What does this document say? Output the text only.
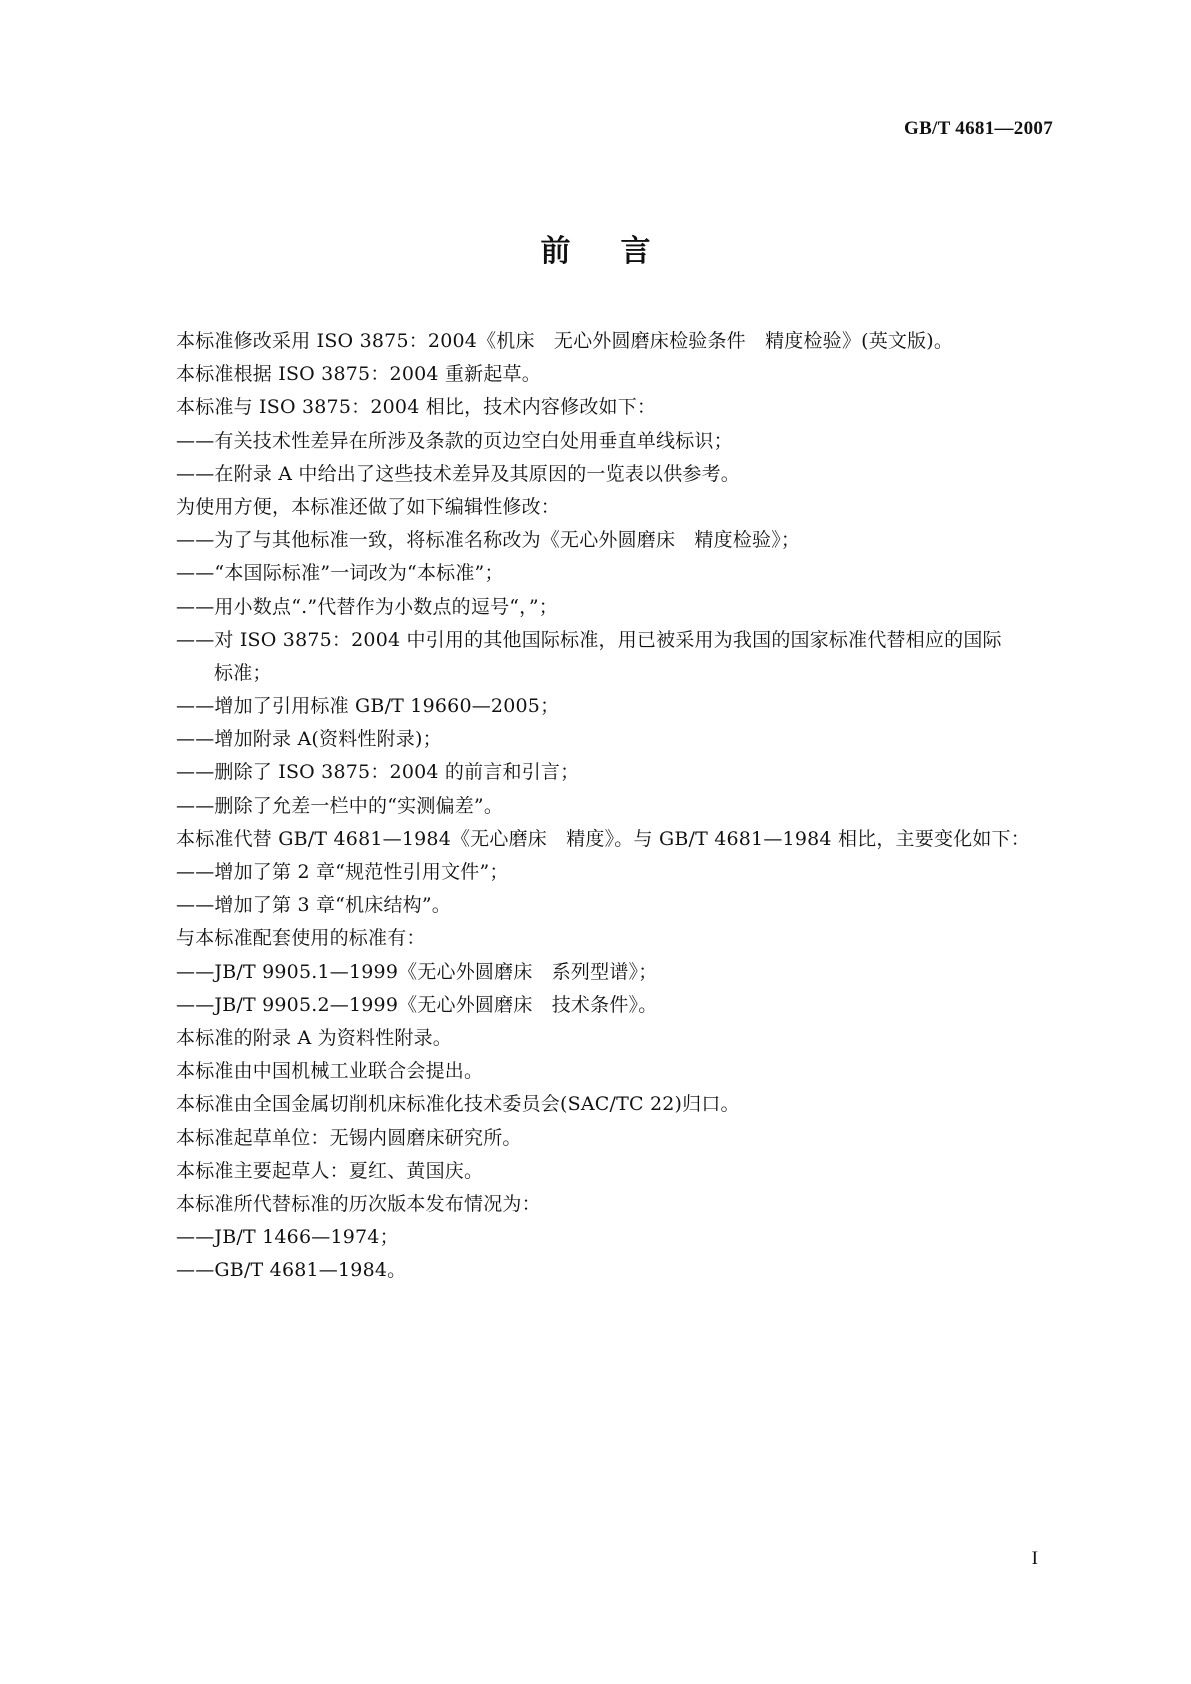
GB/T 4681—2007
前言
本标准修改采用 ISO 3875：2004《机床　无心外圆磨床检验条件　精度检验》(英文版)。
本标准根据 ISO 3875：2004 重新起草。
本标准与 ISO 3875：2004 相比，技术内容修改如下：
——有关技术性差异在所涉及条款的页边空白处用垂直单线标识；
——在附录 A 中给出了这些技术差异及其原因的一览表以供参考。
为使用方便，本标准还做了如下编辑性修改：
——为了与其他标准一致，将标准名称改为《无心外圆磨床　精度检验》；
——“本国际标准”一词改为“本标准”；
——用小数点“.”代替作为小数点的逗号“，”；
——对 ISO 3875：2004 中引用的其他国际标准，用已被采用为我国的国家标准代替相应的国际
标准；
——增加了引用标准 GB/T 19660—2005；
——增加附录 A(资料性附录)；
——删除了 ISO 3875：2004 的前言和引言；
——删除了允差一栏中的“实测偏差”。
本标准代替 GB/T 4681—1984《无心磨床　精度》。与 GB/T 4681—1984 相比，主要变化如下：
——增加了第 2 章“规范性引用文件”；
——增加了第 3 章“机床结构”。
与本标准配套使用的标准有：
——JB/T 9905.1—1999《无心外圆磨床　系列型谱》；
——JB/T 9905.2—1999《无心外圆磨床　技术条件》。
本标准的附录 A 为资料性附录。
本标准由中国机械工业联合会提出。
本标准由全国金属切削机床标准化技术委员会(SAC/TC 22)归口。
本标准起草单位：无锡内圆磨床研究所。
本标准主要起草人：夏红、黄国庆。
本标准所代替标准的历次版本发布情况为：
——JB/T 1466—1974；
——GB/T 4681—1984。
I
